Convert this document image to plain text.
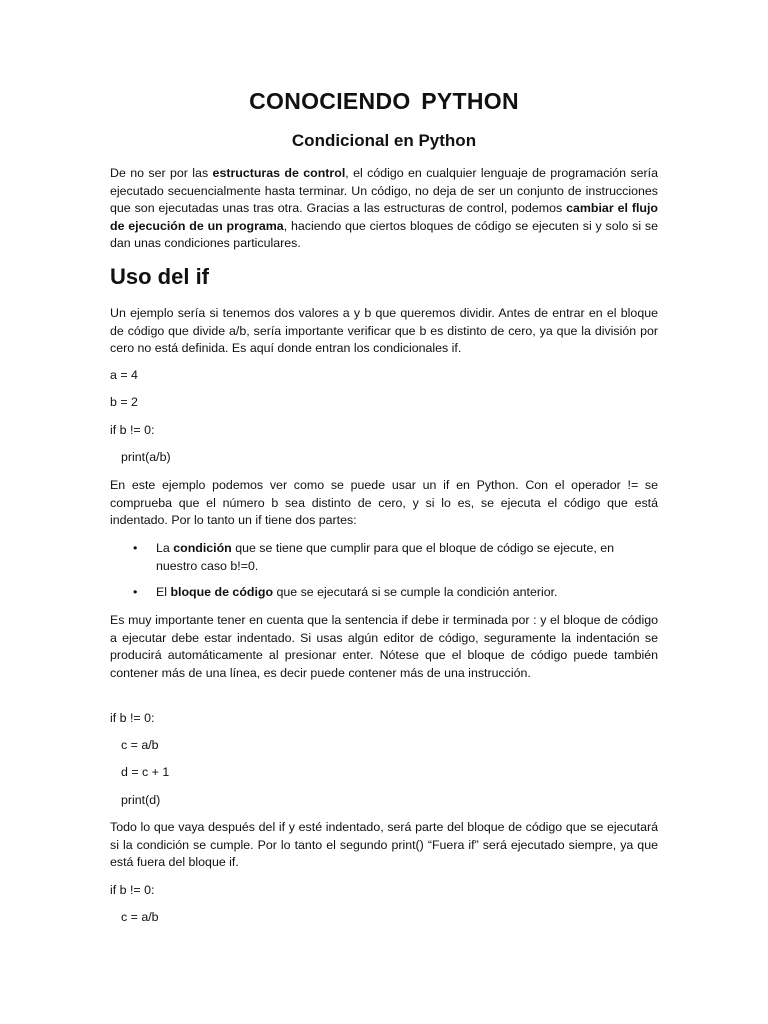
CONOCIENDO PYTHON
Condicional en Python

De no ser por las estructuras de control, el código en cualquier lenguaje de programación sería ejecutado secuencialmente hasta terminar. Un código, no deja de ser un conjunto de instrucciones que son ejecutadas unas tras otra. Gracias a las estructuras de control, podemos cambiar el flujo de ejecución de un programa, haciendo que ciertos bloques de código se ejecuten si y solo si se dan unas condiciones particulares.

Uso del if

Un ejemplo sería si tenemos dos valores a y b que queremos dividir. Antes de entrar en el bloque de código que divide a/b, sería importante verificar que b es distinto de cero, ya que la división por cero no está definida. Es aquí donde entran los condicionales if.

a = 4
b = 2
if b != 0:
print(a/b)

En este ejemplo podemos ver como se puede usar un if en Python. Con el operador != se comprueba que el número b sea distinto de cero, y si lo es, se ejecuta el código que está indentado. Por lo tanto un if tiene dos partes:

• La condición que se tiene que cumplir para que el bloque de código se ejecute, en nuestro caso b!=0.
• El bloque de código que se ejecutará si se cumple la condición anterior.

Es muy importante tener en cuenta que la sentencia if debe ir terminada por : y el bloque de código a ejecutar debe estar indentado. Si usas algún editor de código, seguramente la indentación se producirá automáticamente al presionar enter. Nótese que el bloque de código puede también contener más de una línea, es decir puede contener más de una instrucción.

if b != 0:
c = a/b
d = c + 1
print(d)

Todo lo que vaya después del if y esté indentado, será parte del bloque de código que se ejecutará si la condición se cumple. Por lo tanto el segundo print() “Fuera if” será ejecutado siempre, ya que está fuera del bloque if.

if b != 0:
c = a/b
